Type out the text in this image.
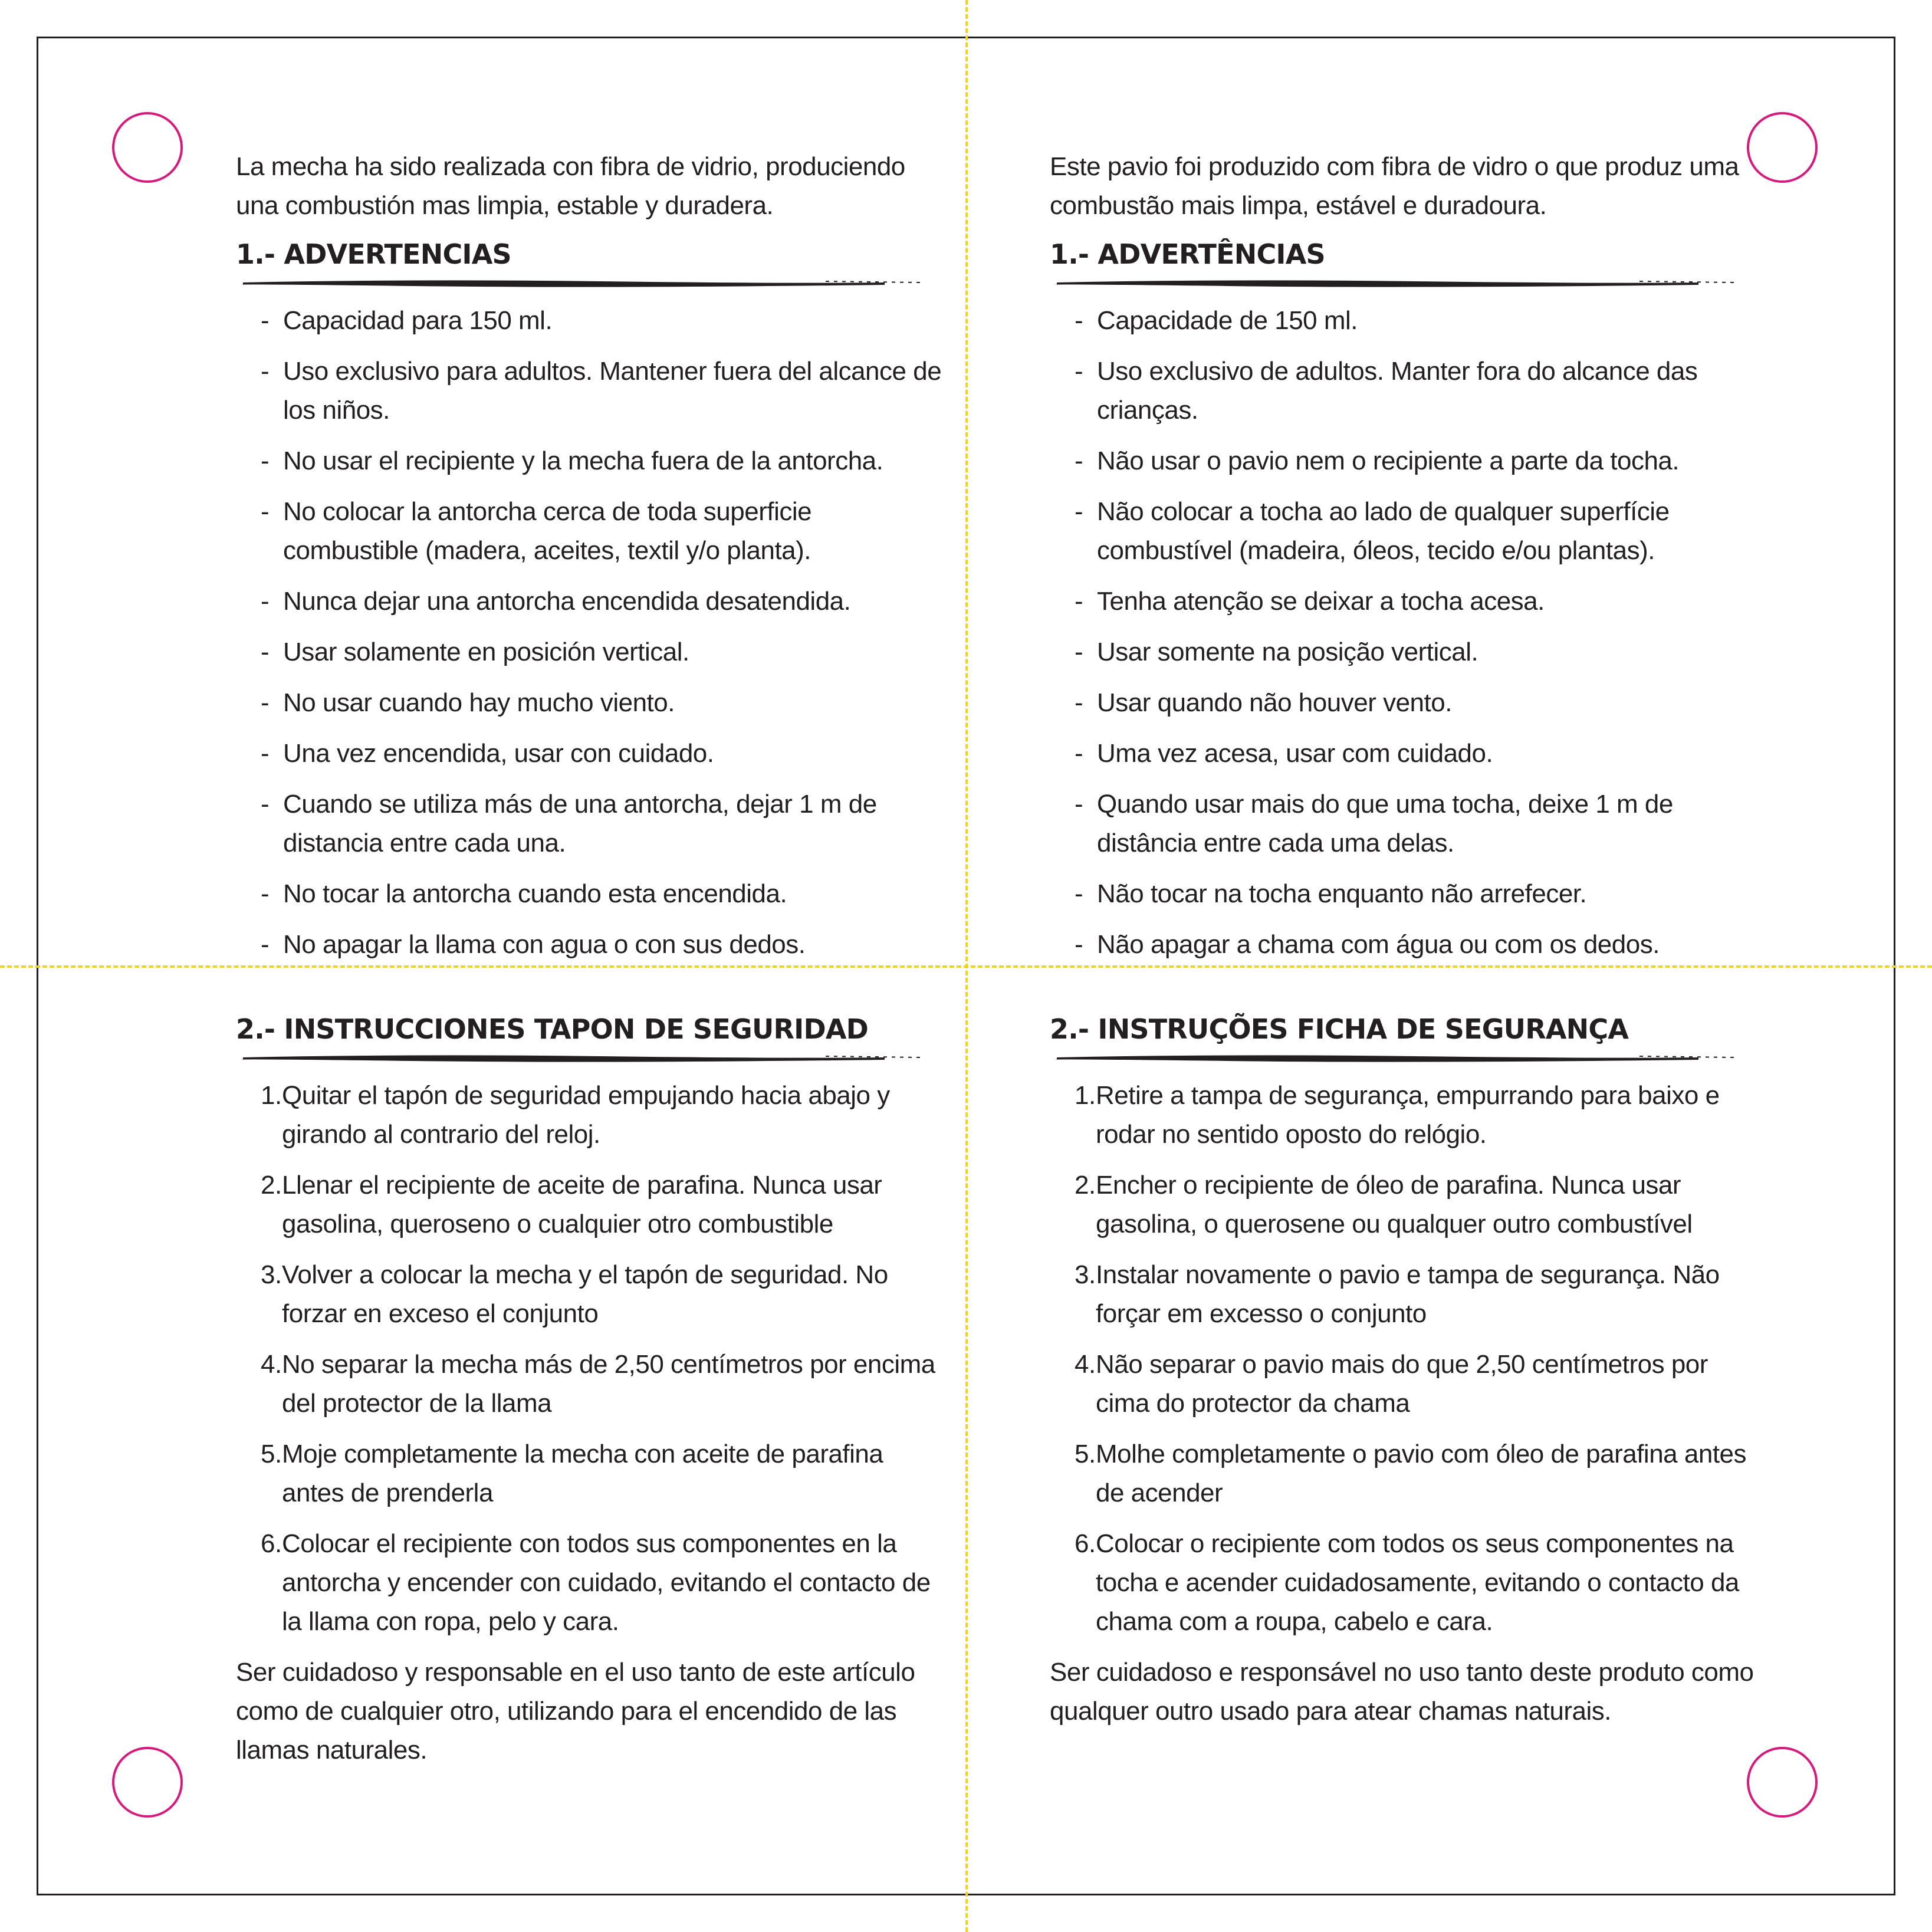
La mecha ha sido realizada con fibra de vidrio, produciendo una combustión mas limpia, estable y duradera.

1.- ADVERTENCIAS
- Capacidad para 150 ml.
- Uso exclusivo para adultos. Mantener fuera del alcance de los niños.
- No usar el recipiente y la mecha fuera de la antorcha.
- No colocar la antorcha cerca de toda superficie combustible (madera, aceites, textil y/o planta).
- Nunca dejar una antorcha encendida desatendida.
- Usar solamente en posición vertical.
- No usar cuando hay mucho viento.
- Una vez encendida, usar con cuidado.
- Cuando se utiliza más de una antorcha, dejar 1 m de distancia entre cada una.
- No tocar la antorcha cuando esta encendida.
- No apagar la llama con agua o con sus dedos.

Este pavio foi produzido com fibra de vidro o que produz uma combustão mais limpa, estável e duradoura.

1.- ADVERTÊNCIAS
- Capacidade de 150 ml.
- Uso exclusivo de adultos. Manter fora do alcance das crianças.
- Não usar o pavio nem o recipiente a parte da tocha.
- Não colocar a tocha ao lado de qualquer superfície combustível (madeira, óleos, tecido e/ou plantas).
- Tenha atenção se deixar a tocha acesa.
- Usar somente na posição vertical.
- Usar quando não houver vento.
- Uma vez acesa, usar com cuidado.
- Quando usar mais do que uma tocha, deixe 1 m de distância entre cada uma delas.
- Não tocar na tocha enquanto não arrefecer.
- Não apagar a chama com água ou com os dedos.
2.- INSTRUCCIONES TAPON DE SEGURIDAD
1. Quitar el tapón de seguridad empujando hacia abajo y girando al contrario del reloj.
2. Llenar el recipiente de aceite de parafina. Nunca usar gasolina, queroseno o cualquier otro combustible
3. Volver a colocar la mecha y el tapón de seguridad. No forzar en exceso el conjunto
4. No separar la mecha más de 2,50 centímetros por encima del protector de la llama
5. Moje completamente la mecha con aceite de parafina antes de prenderla
6. Colocar el recipiente con todos sus componentes en la antorcha y encender con cuidado, evitando el contacto de la llama con ropa, pelo y cara.

Ser cuidadoso y responsable en el uso tanto de este artículo como de cualquier otro, utilizando para el encendido de las llamas naturales.

2.- INSTRUÇÕES FICHA DE SEGURANÇA
1. Retire a tampa de segurança, empurrando para baixo e rodar no sentido oposto do relógio.
2. Encher o recipiente de óleo de parafina. Nunca usar gasolina, o querosene ou qualquer outro combustível
3. Instalar novamente o pavio e tampa de segurança. Não forçar em excesso o conjunto
4. Não separar o pavio mais do que 2,50 centímetros por cima do protector da chama
5. Molhe completamente o pavio com óleo de parafina antes de acender
6. Colocar o recipiente com todos os seus componentes na tocha e acender cuidadosamente, evitando o contacto da chama com a roupa, cabelo e cara.

Ser cuidadoso e responsável no uso tanto deste produto como qualquer outro usado para atear chamas naturais.
